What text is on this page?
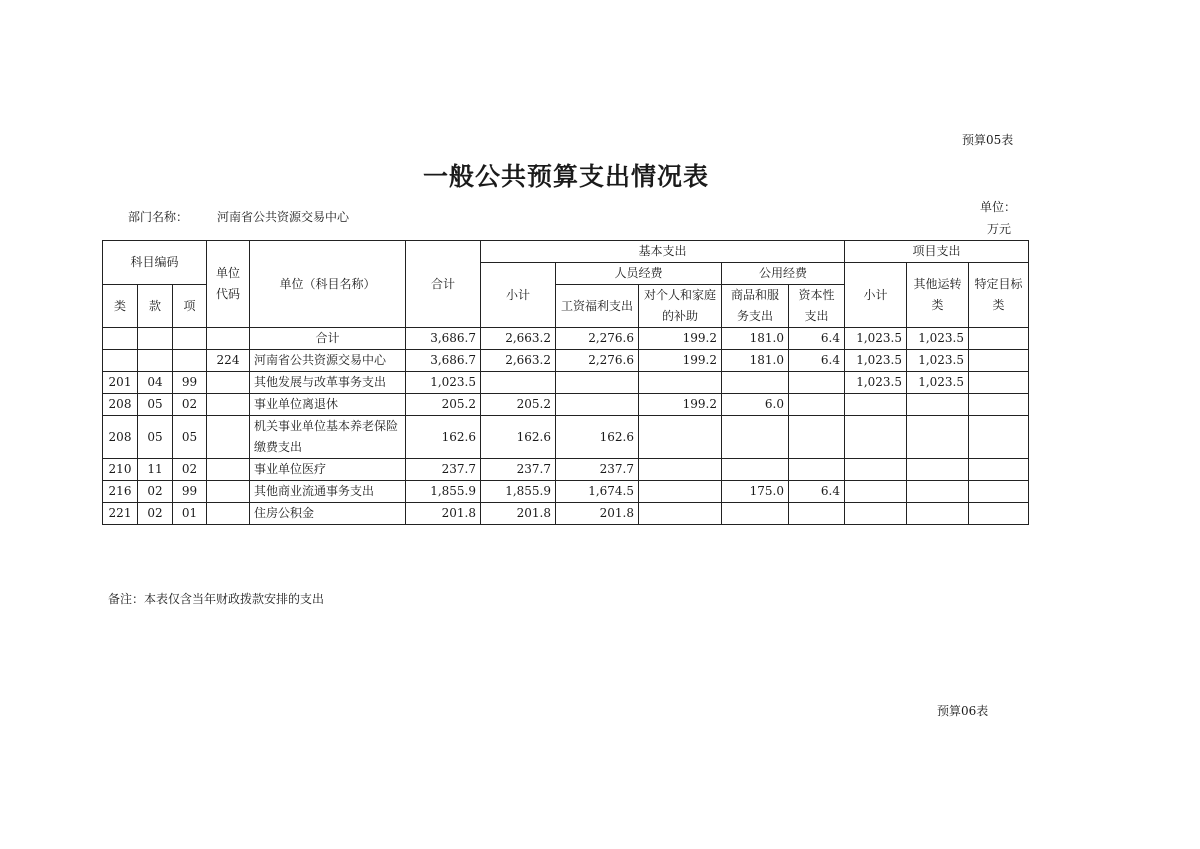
预算05表
一般公共预算支出情况表
部门名称： 河南省公共资源交易中心
单位：
万元
科目编码			单位代码	单位（科目名称）	合计	基本支出					项目支出		
						小计	人员经费		公用经费		小计	其他运转类	特定目标类
类	款	项					工资福利支出	对个人和家庭的补助	商品和服务支出	资本性支出			

				合计	3,686.7	2,663.2	2,276.6	199.2	181.0	6.4	1,023.5	1,023.5	
			224	河南省公共资源交易中心	3,686.7	2,663.2	2,276.6	199.2	181.0	6.4	1,023.5	1,023.5	
201	04	99		其他发展与改革事务支出	1,023.5						1,023.5	1,023.5	
208	05	02		事业单位离退休	205.2	205.2		199.2	6.0				
208	05	05		机关事业单位基本养老保险缴费支出	162.6	162.6	162.6						
210	11	02		事业单位医疗	237.7	237.7	237.7						
216	02	99		其他商业流通事务支出	1,855.9	1,855.9	1,674.5		175.0	6.4			
221	02	01		住房公积金	201.8	201.8	201.8						
备注：本表仅含当年财政拨款安排的支出
预算06表
